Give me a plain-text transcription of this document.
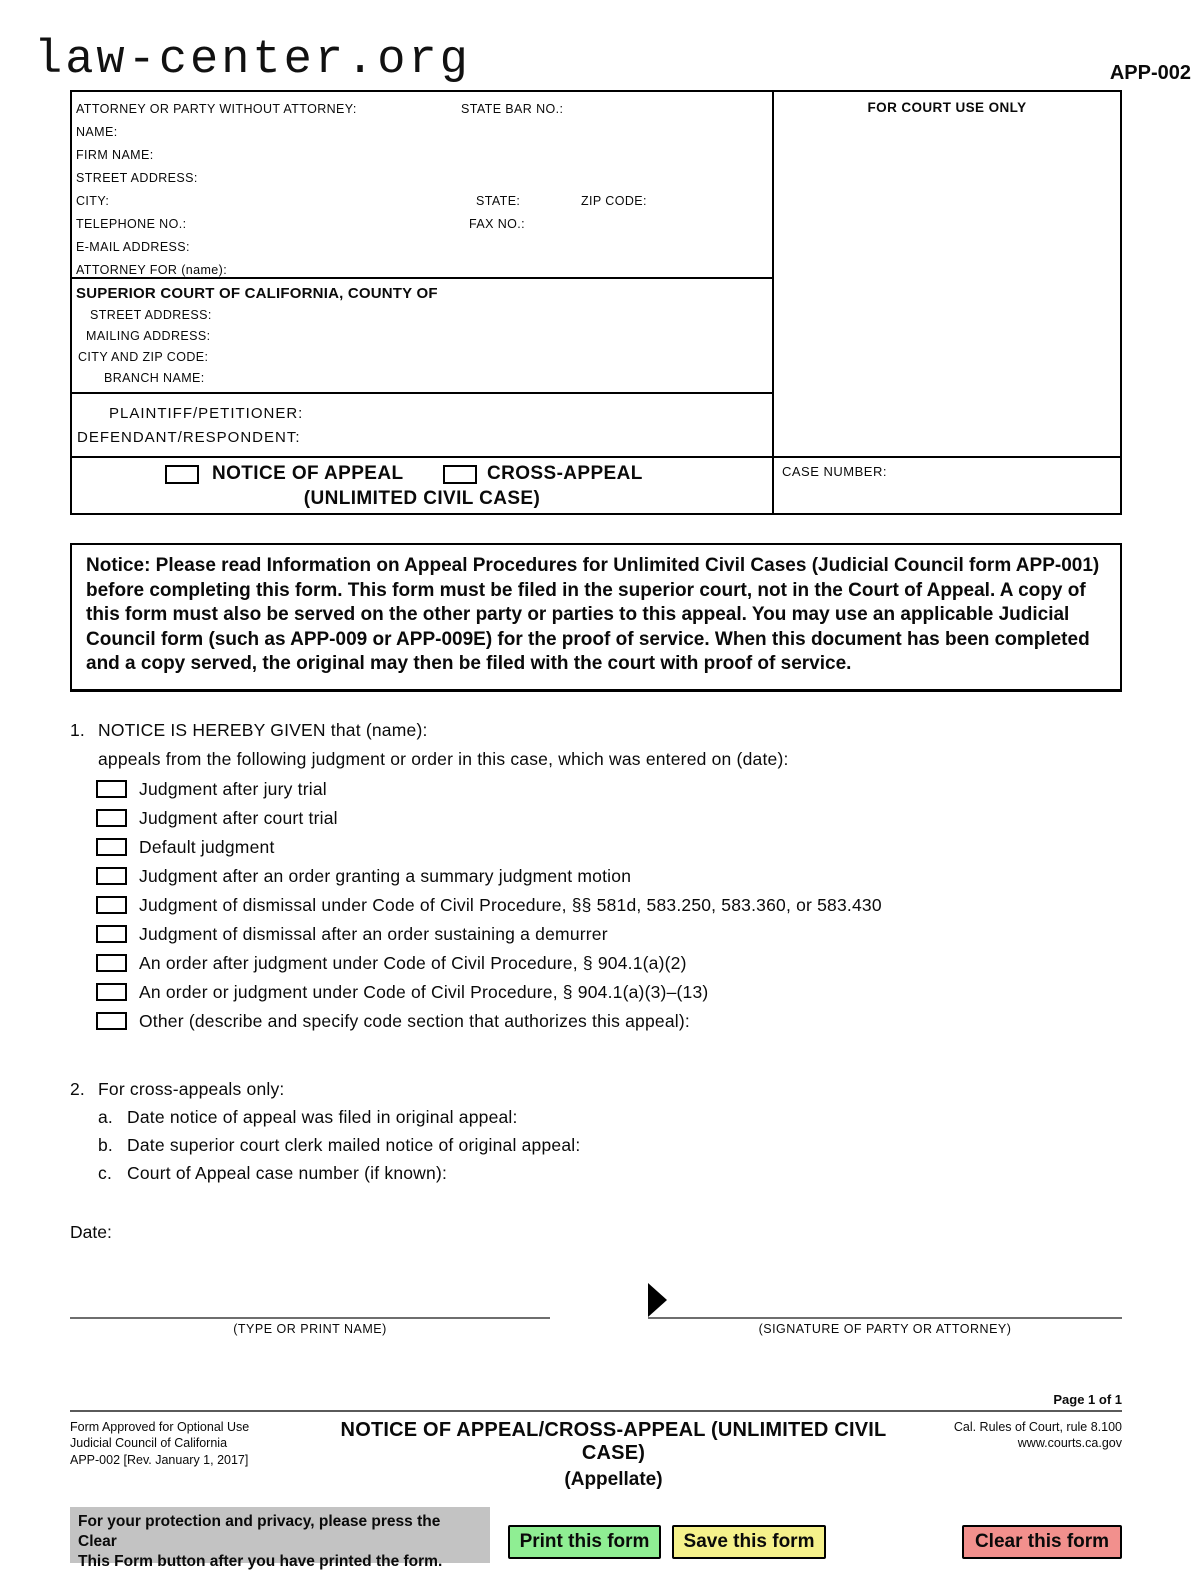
law-center.org	APP-002
ATTORNEY OR PARTY WITHOUT ATTORNEY:	STATE BAR NO.:
NAME:
FIRM NAME:
STREET ADDRESS:
CITY:	STATE:	ZIP CODE:
TELEPHONE NO.:	FAX NO.:
E-MAIL ADDRESS:
ATTORNEY FOR (name):
SUPERIOR COURT OF CALIFORNIA, COUNTY OF
STREET ADDRESS:
MAILING ADDRESS:
CITY AND ZIP CODE:
BRANCH NAME:
PLAINTIFF/PETITIONER:
DEFENDANT/RESPONDENT:
NOTICE OF APPEAL	CROSS-APPEAL
(UNLIMITED CIVIL CASE)
FOR COURT USE ONLY
CASE NUMBER:
Notice: Please read Information on Appeal Procedures for Unlimited Civil Cases (Judicial Council form APP-001) before completing this form. This form must be filed in the superior court, not in the Court of Appeal. A copy of this form must also be served on the other party or parties to this appeal. You may use an applicable Judicial Council form (such as APP-009 or APP-009E) for the proof of service. When this document has been completed and a copy served, the original may then be filed with the court with proof of service.
1. NOTICE IS HEREBY GIVEN that (name):
appeals from the following judgment or order in this case, which was entered on (date):
Judgment after jury trial
Judgment after court trial
Default judgment
Judgment after an order granting a summary judgment motion
Judgment of dismissal under Code of Civil Procedure, §§ 581d, 583.250, 583.360, or 583.430
Judgment of dismissal after an order sustaining a demurrer
An order after judgment under Code of Civil Procedure, § 904.1(a)(2)
An order or judgment under Code of Civil Procedure, § 904.1(a)(3)–(13)
Other (describe and specify code section that authorizes this appeal):
2. For cross-appeals only:
a. Date notice of appeal was filed in original appeal:
b. Date superior court clerk mailed notice of original appeal:
c. Court of Appeal case number (if known):
Date:
(TYPE OR PRINT NAME)	(SIGNATURE OF PARTY OR ATTORNEY)
Page 1 of 1
Form Approved for Optional Use
Judicial Council of California
APP-002 [Rev. January 1, 2017]
NOTICE OF APPEAL/CROSS-APPEAL (UNLIMITED CIVIL CASE)
(Appellate)
Cal. Rules of Court, rule 8.100
www.courts.ca.gov
For your protection and privacy, please press the Clear
This Form button after you have printed the form.
Print this form	Save this form	Clear this form
